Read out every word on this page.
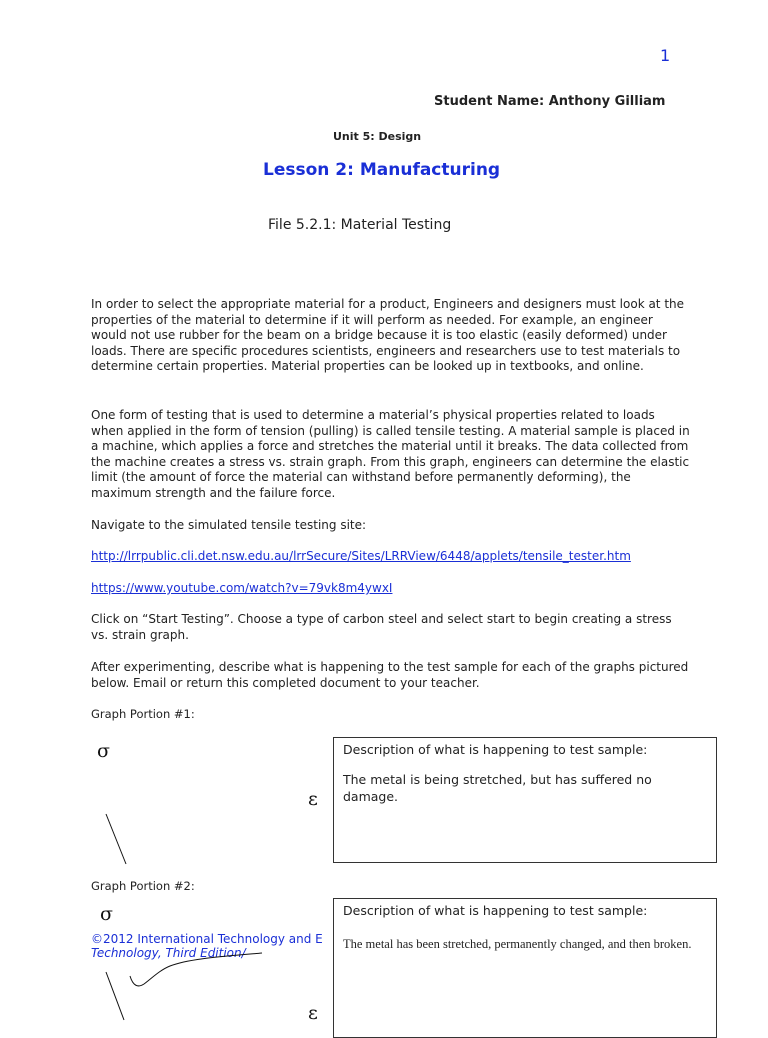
1
Student Name: Anthony Gilliam
Unit 5: Design
Lesson 2: Manufacturing
File 5.2.1: Material Testing

In order to select the appropriate material for a product, Engineers and designers must look at the properties of the material to determine if it will perform as needed. For example, an engineer would not use rubber for the beam on a bridge because it is too elastic (easily deformed) under loads. There are specific procedures scientists, engineers and researchers use to test materials to determine certain properties. Material properties can be looked up in textbooks, and online.

One form of testing that is used to determine a material’s physical properties related to loads when applied in the form of tension (pulling) is called tensile testing. A material sample is placed in a machine, which applies a force and stretches the material until it breaks. The data collected from the machine creates a stress vs. strain graph. From this graph, engineers can determine the elastic limit (the amount of force the material can withstand before permanently deforming), the maximum strength and the failure force.

Navigate to the simulated tensile testing site:

http://lrrpublic.cli.det.nsw.edu.au/lrrSecure/Sites/LRRView/6448/applets/tensile_tester.htm
https://www.youtube.com/watch?v=79vk8m4ywxI

Click on “Start Testing”. Choose a type of carbon steel and select start to begin creating a stress vs. strain graph.

After experimenting, describe what is happening to the test sample for each of the graphs pictured below. Email or return this completed document to your teacher.

Graph Portion #1:
σ
ε

Description of what is happening to test sample:

The metal is being stretched, but has suffered no damage.

Graph Portion #2:
σ
©2012 International Technology and E
Technology, Third Edition/
ε

Description of what is happening to test sample:

The metal has been stretched, permanently changed, and then broken.
